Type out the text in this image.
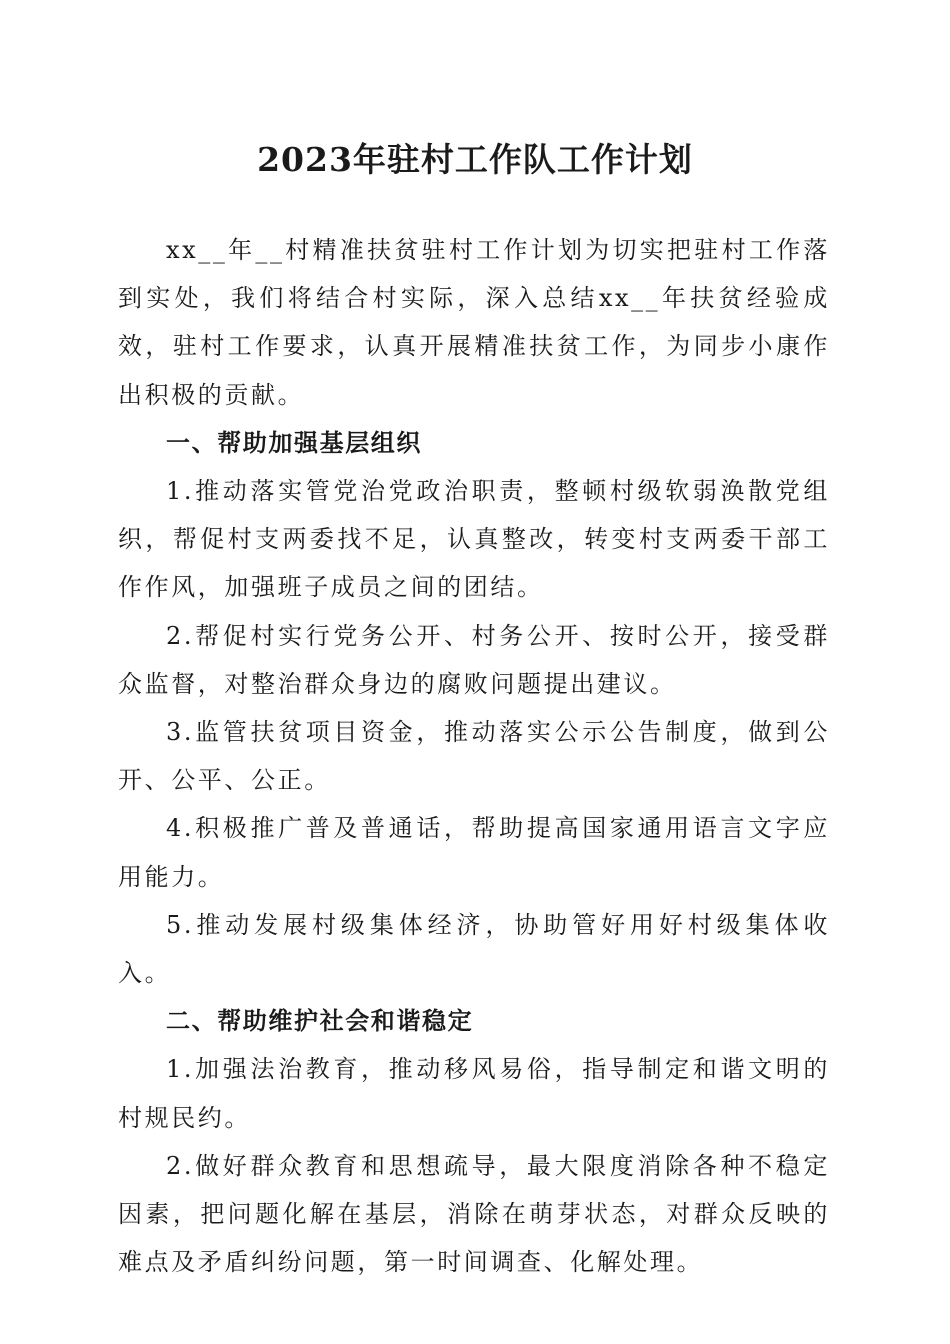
2023年驻村工作队工作计划

xx__年__村精准扶贫驻村工作计划为切实把驻村工作落到实处，我们将结合村实际，深入总结xx__年扶贫经验成效，驻村工作要求，认真开展精准扶贫工作，为同步小康作出积极的贡献。

一、帮助加强基层组织

1.推动落实管党治党政治职责，整顿村级软弱涣散党组织，帮促村支两委找不足，认真整改，转变村支两委干部工作作风，加强班子成员之间的团结。

2.帮促村实行党务公开、村务公开、按时公开，接受群众监督，对整治群众身边的腐败问题提出建议。

3.监管扶贫项目资金，推动落实公示公告制度，做到公开、公平、公正。

4.积极推广普及普通话，帮助提高国家通用语言文字应用能力。

5.推动发展村级集体经济，协助管好用好村级集体收入。

二、帮助维护社会和谐稳定

1.加强法治教育，推动移风易俗，指导制定和谐文明的村规民约。

2.做好群众教育和思想疏导，最大限度消除各种不稳定因素，把问题化解在基层，消除在萌芽状态，对群众反映的难点及矛盾纠纷问题，第一时间调查、化解处理。
